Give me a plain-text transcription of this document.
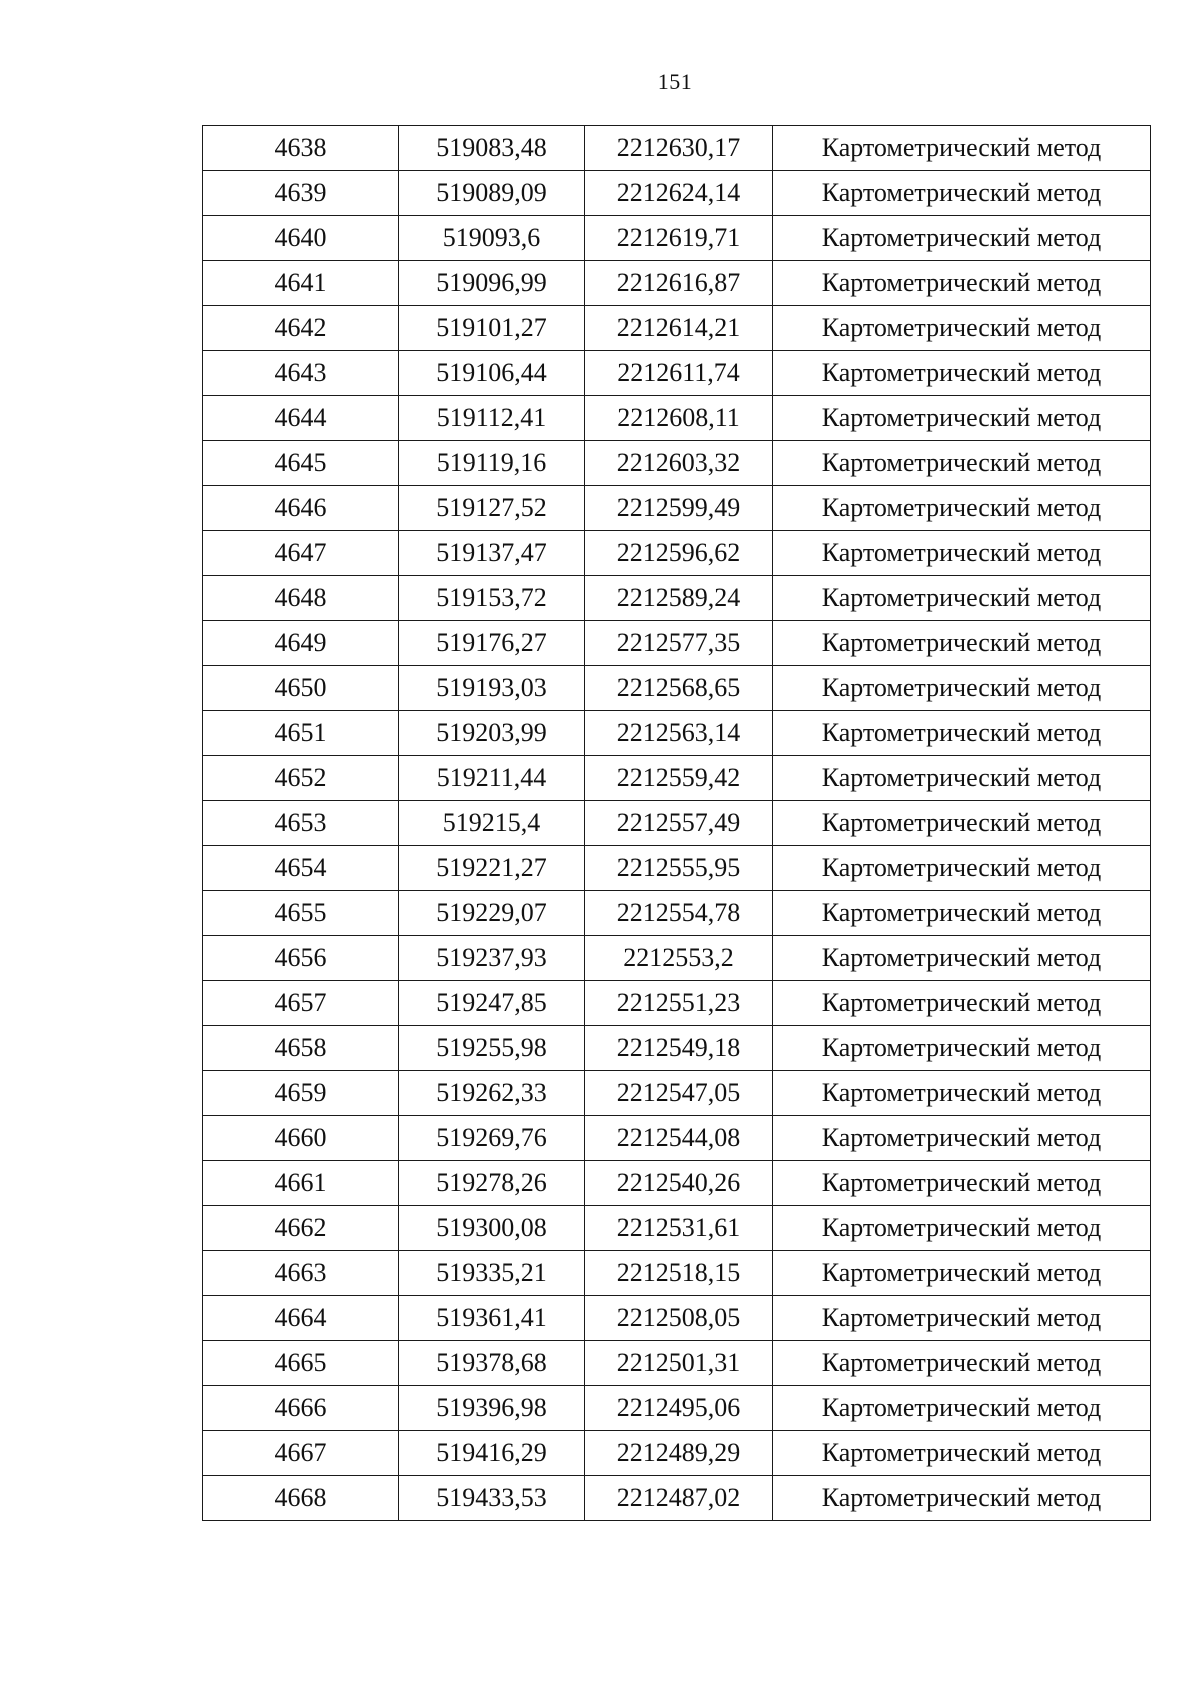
151
4638	519083,48	2212630,17	Картометрический метод
4639	519089,09	2212624,14	Картометрический метод
4640	519093,6	2212619,71	Картометрический метод
4641	519096,99	2212616,87	Картометрический метод
4642	519101,27	2212614,21	Картометрический метод
4643	519106,44	2212611,74	Картометрический метод
4644	519112,41	2212608,11	Картометрический метод
4645	519119,16	2212603,32	Картометрический метод
4646	519127,52	2212599,49	Картометрический метод
4647	519137,47	2212596,62	Картометрический метод
4648	519153,72	2212589,24	Картометрический метод
4649	519176,27	2212577,35	Картометрический метод
4650	519193,03	2212568,65	Картометрический метод
4651	519203,99	2212563,14	Картометрический метод
4652	519211,44	2212559,42	Картометрический метод
4653	519215,4	2212557,49	Картометрический метод
4654	519221,27	2212555,95	Картометрический метод
4655	519229,07	2212554,78	Картометрический метод
4656	519237,93	2212553,2	Картометрический метод
4657	519247,85	2212551,23	Картометрический метод
4658	519255,98	2212549,18	Картометрический метод
4659	519262,33	2212547,05	Картометрический метод
4660	519269,76	2212544,08	Картометрический метод
4661	519278,26	2212540,26	Картометрический метод
4662	519300,08	2212531,61	Картометрический метод
4663	519335,21	2212518,15	Картометрический метод
4664	519361,41	2212508,05	Картометрический метод
4665	519378,68	2212501,31	Картометрический метод
4666	519396,98	2212495,06	Картометрический метод
4667	519416,29	2212489,29	Картометрический метод
4668	519433,53	2212487,02	Картометрический метод
